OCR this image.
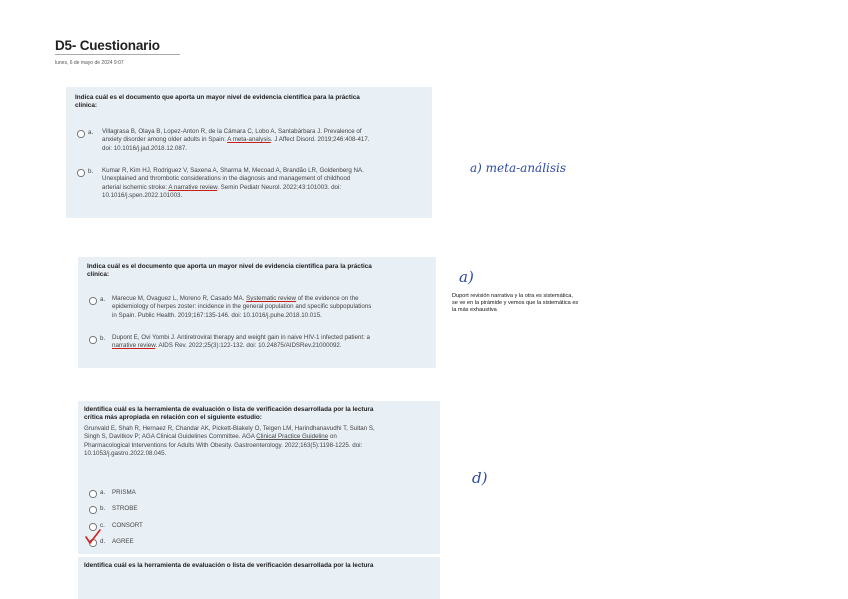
D5- Cuestionario
lunes, 6 de mayo de 2024 9:07
Indica cuál es el documento que aporta un mayor nivel de evidencia científica para la práctica
clínica:
a. Villagrasa B, Olaya B, Lopez-Anton R, de la Cámara C, Lobo A, Santabárbara J. Prevalence of
anxiety disorder among older adults in Spain: A meta-analysis. J Affect Disord. 2019;246:408-417.
doi: 10.1016/j.jad.2018.12.087.
b. Kumar R, Kim HJ, Rodriguez V, Saxena A, Sharma M, Mecoad A, Brandão LR, Goldenberg NA.
Unexplained and thrombotic considerations in the diagnosis and management of childhood
arterial ischemic stroke: A narrative review. Semin Pediatr Neurol. 2022;43:101003. doi:
10.1016/j.spen.2022.101003.
Indica cuál es el documento que aporta un mayor nivel de evidencia científica para la práctica
clínica:
a. Marecue M, Ovaguez L, Moreno R, Casado MA. Systematic review of the evidence on the
epidemiology of herpes zoster: incidence in the general population and specific subpopulations
in Spain. Public Health. 2019;167:135-146. doi: 10.1016/j.puhe.2018.10.015.
b. Dupont E, Ovi Yombi J. Antiretroviral therapy and weight gain in naive HIV-1 infected patient: a
narrative review. AIDS Rev. 2022;25(3):122-132. doi: 10.24875/AIDSRev.21000092.
Identifica cuál es la herramienta de evaluación o lista de verificación desarrollada por la lectura
crítica más apropiada en relación con el siguiente estudio:
Grunvald E, Shah R, Hernaez R, Chandar AK, Pickett-Blakely O, Teigen LM, Harindhanavudhi T, Sultan S,
Singh S, Davitkov P; AGA Clinical Guidelines Committee. AGA Clinical Practice Guideline on
Pharmacological Interventions for Adults With Obesity. Gastroenterology. 2022;163(5):1198-1225. doi:
10.1053/j.gastro.2022.08.045.
a. PRISMA
b. STROBE
c. CONSORT
d. AGREE
Identifica cuál es la herramienta de evaluación o lista de verificación desarrollada por la lectura
a) meta-análisis
a)
Duport revisión narrativa y la otra es sistemática, se ve en la pirámide y vemos que la sistemática es la más exhaustiva
d)
